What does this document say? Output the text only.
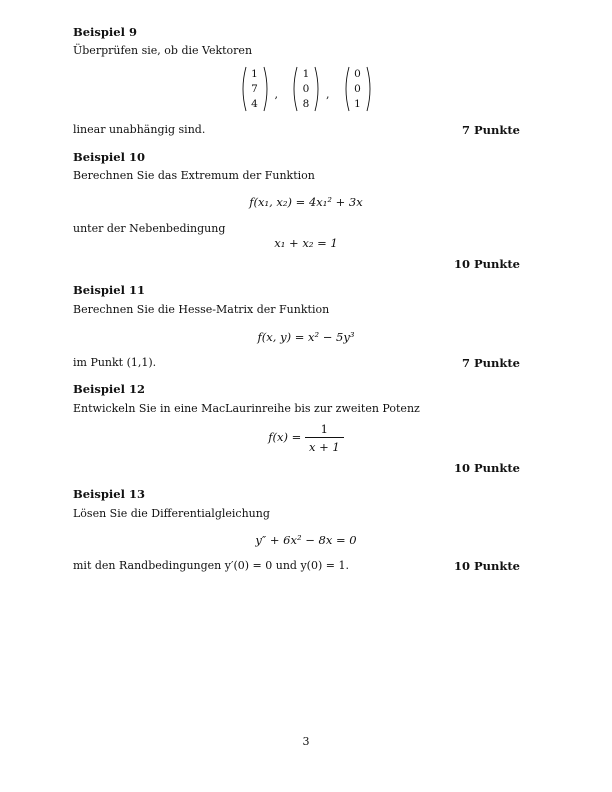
Beispiel 9
Überprüfen sie, ob die Vektoren
1
7
4
,
1
0
8
,
0
0
1
linear unabhängig sind.	7 Punkte
Beispiel 10
Berechnen Sie das Extremum der Funktion
f(x₁, x₂) = 4x₁² + 3x
unter der Nebenbedingung
x₁ + x₂ = 1
10 Punkte
Beispiel 11
Berechnen Sie die Hesse-Matrix der Funktion
f(x, y) = x² − 5y³
im Punkt (1,1).	7 Punkte
Beispiel 12
Entwickeln Sie in eine MacLaurinreihe bis zur zweiten Potenz
$f(x) = \frac{1}{x + 1}$
10 Punkte
Beispiel 13
Lösen Sie die Differentialgleichung
y″ + 6x² − 8x = 0
mit den Randbedingungen y′(0) = 0 und y(0) = 1.	10 Punkte
3
